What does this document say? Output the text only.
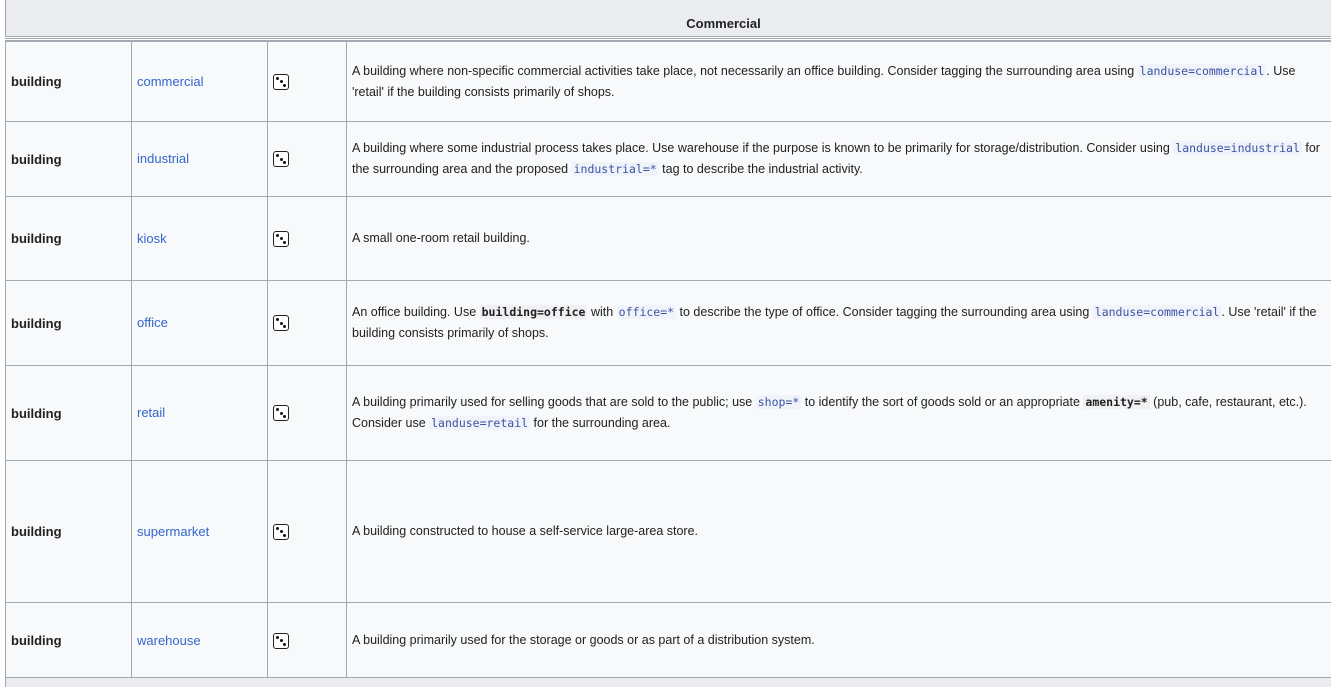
Commercial
building	commercial		A building where non-specific commercial activities take place, not necessarily an office building. Consider tagging the surrounding area using landuse=commercial . Use 'retail' if the building consists primarily of shops.
building	industrial		A building where some industrial process takes place. Use warehouse if the purpose is known to be primarily for storage/distribution. Consider using landuse=industrial for the surrounding area and the proposed industrial=* tag to describe the industrial activity.
building	kiosk		A small one-room retail building.
building	office		An office building. Use building=office with office=* to describe the type of office. Consider tagging the surrounding area using landuse=commercial . Use 'retail' if the building consists primarily of shops.
building	retail		A building primarily used for selling goods that are sold to the public; use shop=* to identify the sort of goods sold or an appropriate amenity=* (pub, cafe, restaurant, etc.). Consider use landuse=retail for the surrounding area.
building	supermarket		A building constructed to house a self-service large-area store.
building	warehouse		A building primarily used for the storage or goods or as part of a distribution system.
